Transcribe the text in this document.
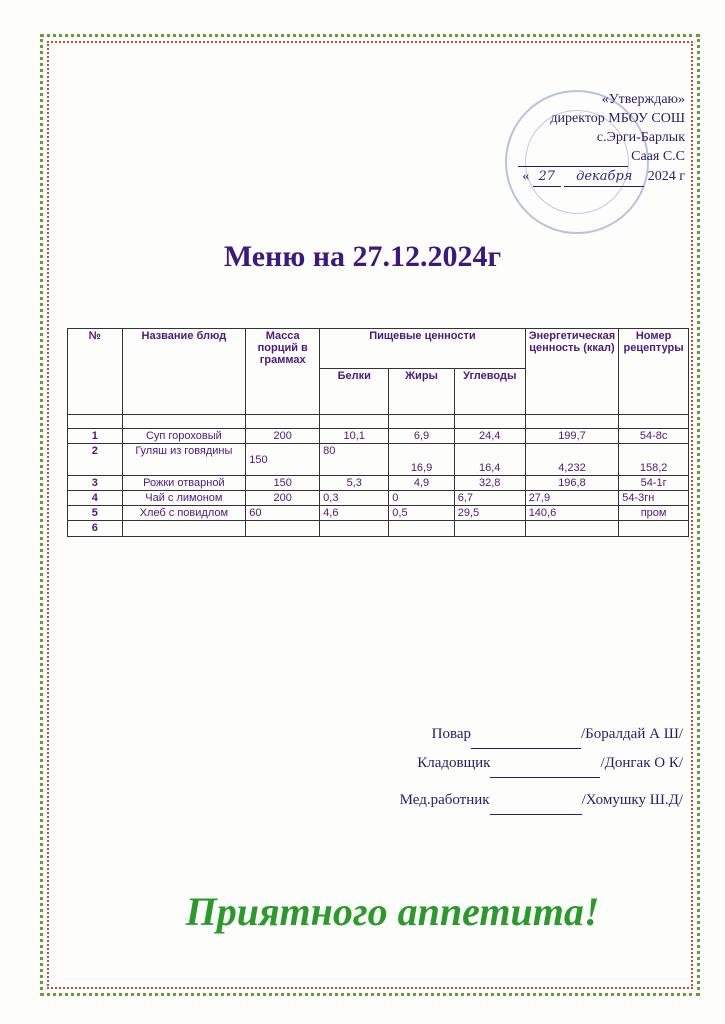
«Утверждаю»
директор МБОУ СОШ
с.Эрги-Барлык
Саая С.С
« 27 декабря 2024 г
Меню на 27.12.2024г
№	Название блюд	Масса порций в граммах	Пищевые ценности			Энергетическая ценность (ккал)	Номер рецептуры
			Белки	Жиры	Углеводы		

1	Суп гороховый	200	10,1	6,9	24,4	199,7	54-8с
2	Гуляш из говядины	150	80	16,9	16,4	4,232	158,2
3	Рожки отварной	150	5,3	4,9	32,8	196,8	54-1г
4	Чай с лимоном	200	0,3	0	6,7	27,9	54-3гн
5	Хлеб с повидлом	60	4,6	0,5	29,5	140,6	пром
6							
Повар	/Боралдай А Ш/
Кладовщик	/Донгак О К/
Мед.работник	/Хомушку Ш.Д/
Приятного аппетита!
